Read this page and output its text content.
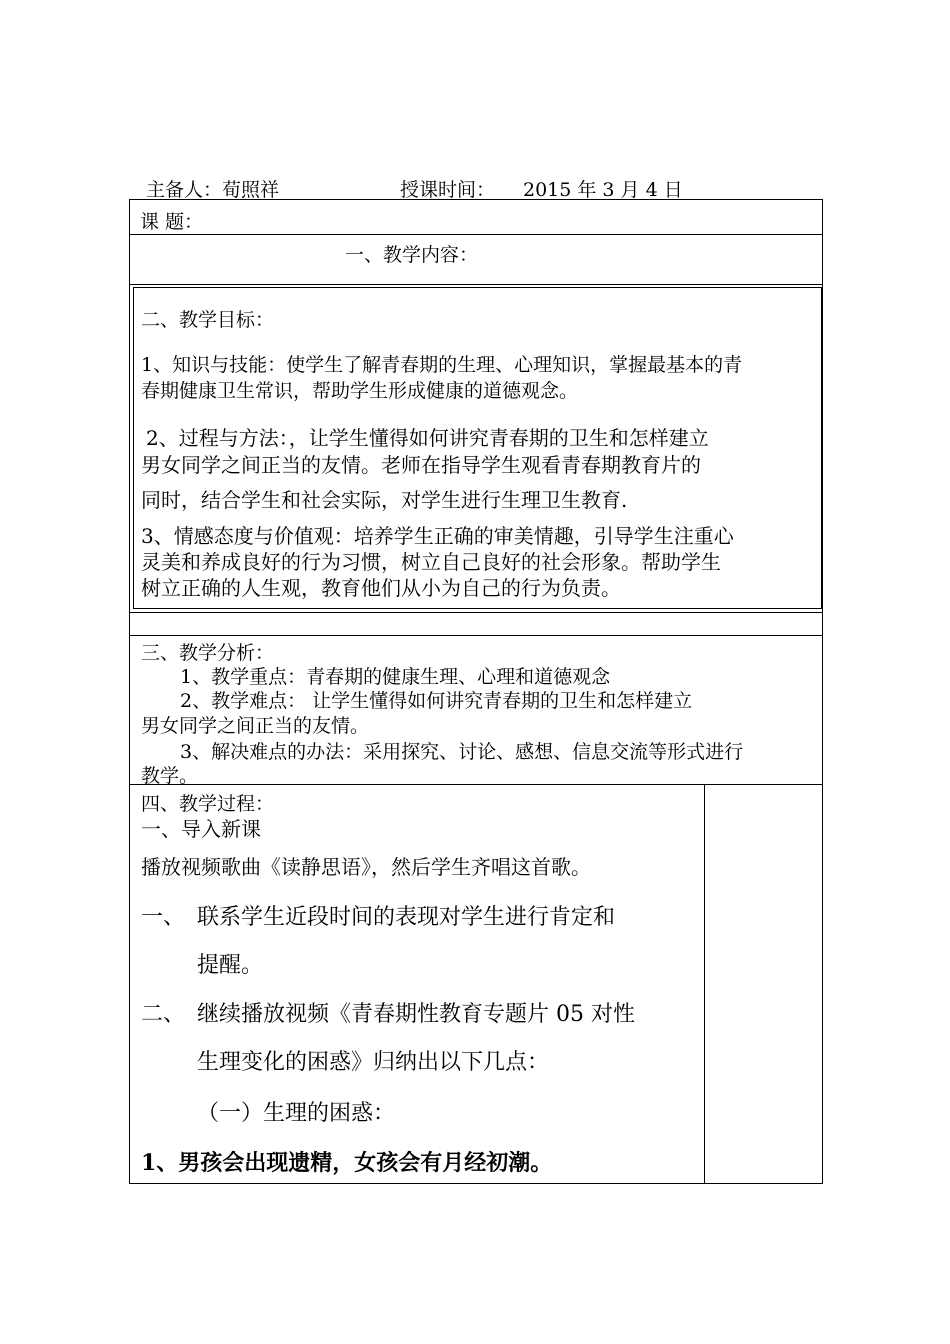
主备人：荀照祥	授课时间： 2015 年 3 月 4 日
课 题：
一、教学内容：
二、教学目标：
1、知识与技能：使学生了解青春期的生理、心理知识，掌握最基本的青
春期健康卫生常识，帮助学生形成健康的道德观念。
2、过程与方法：，让学生懂得如何讲究青春期的卫生和怎样建立
男女同学之间正当的友情。老师在指导学生观看青春期教育片的
同时，结合学生和社会实际，对学生进行生理卫生教育.
3、情感态度与价值观：培养学生正确的审美情趣，引导学生注重心
灵美和养成良好的行为习惯，树立自己良好的社会形象。帮助学生
树立正确的人生观，教育他们从小为自己的行为负责。
三、教学分析：
1、教学重点：青春期的健康生理、心理和道德观念
2、教学难点： 让学生懂得如何讲究青春期的卫生和怎样建立
男女同学之间正当的友情。
3、解决难点的办法：采用探究、讨论、感想、信息交流等形式进行
教学。
四、教学过程：
一、导入新课
播放视频歌曲《读静思语》，然后学生齐唱这首歌。
一、 联系学生近段时间的表现对学生进行肯定和
提醒。
二、 继续播放视频《青春期性教育专题片 05 对性
生理变化的困惑》归纳出以下几点：
（一）生理的困惑：
1、男孩会出现遗精，女孩会有月经初潮。
